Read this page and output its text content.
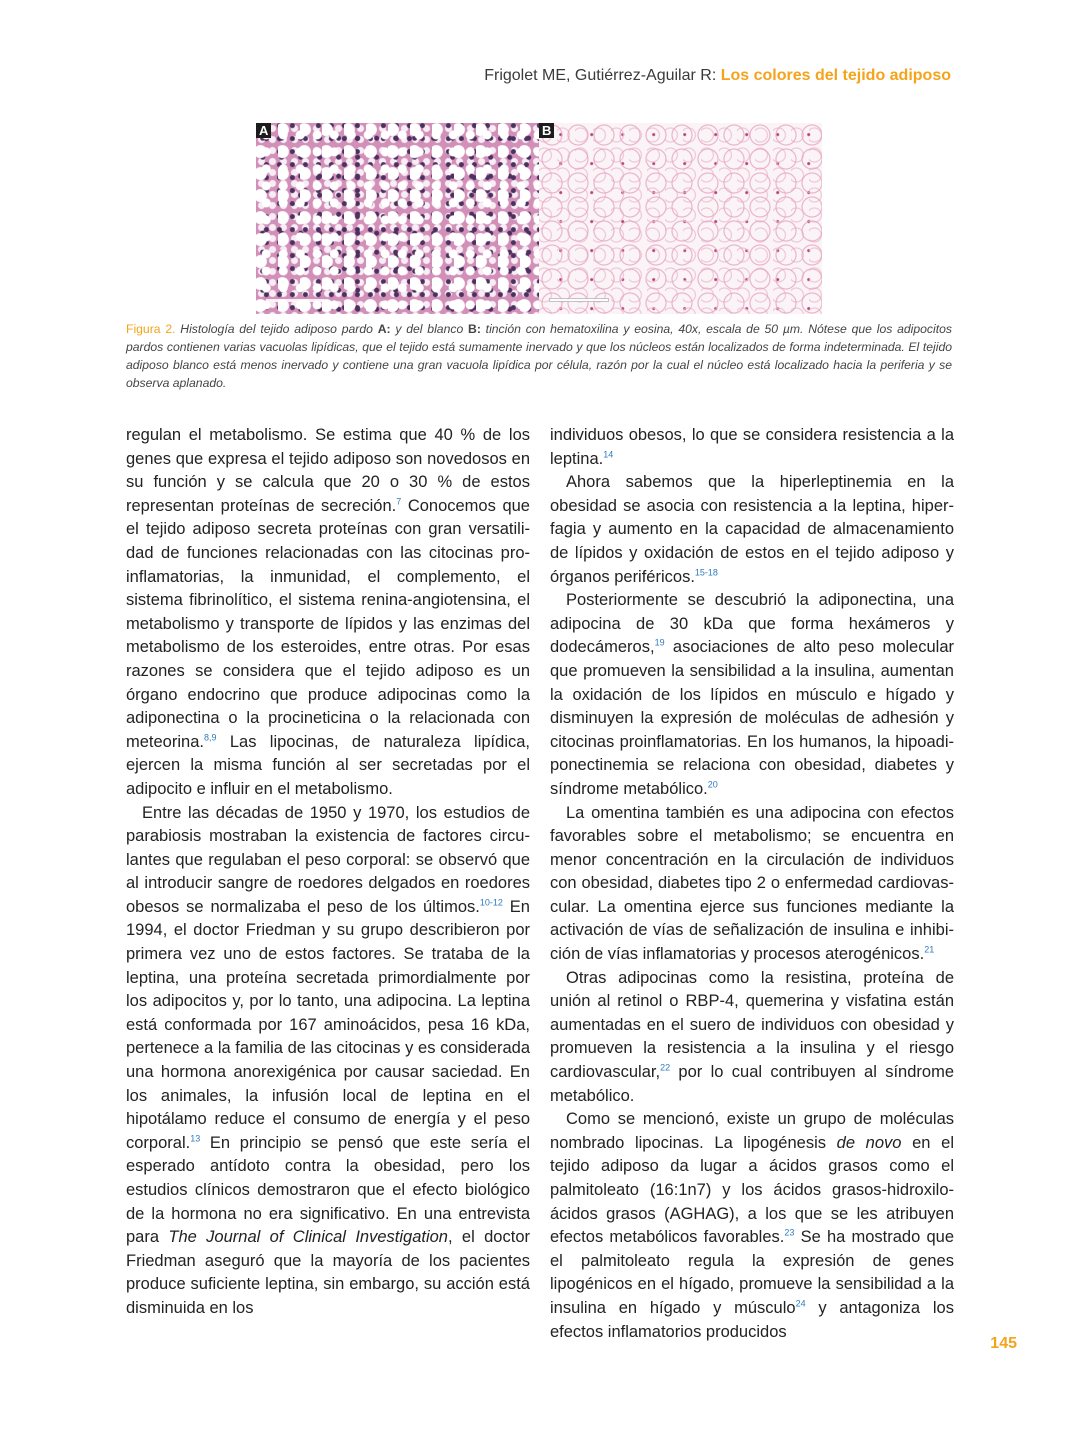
Frigolet ME, Gutiérrez-Aguilar R: Los colores del tejido adiposo
A	B
Figura 2. Histología del tejido adiposo pardo A: y del blanco B: tinción con hematoxilina y eosina, 40x, escala de 50 µm. Nótese que los adipocitos pardos contienen varias vacuolas lipídicas, que el tejido está sumamente inervado y que los núcleos están localizados de forma indeterminada. El tejido adiposo blanco está menos inervado y contiene una gran vacuola lipídica por célula, razón por la cual el núcleo está localizado hacia la periferia y se observa aplanado.

regulan el metabolismo. Se estima que 40 % de los genes que expresa el tejido adiposo son novedosos en su función y se calcula que 20 o 30 % de estos representan proteínas de secreción.$^7$ Conocemos que el tejido adiposo secreta proteínas con gran versatilidad de funciones relacionadas con las citocinas proinflamatorias, la inmunidad, el complemento, el sistema fibrinolítico, el sistema renina-angiotensina, el metabolismo y transporte de lípidos y las enzimas del metabolismo de los esteroides, entre otras. Por esas razones se considera que el tejido adiposo es un órgano endocrino que produce adipocinas como la adiponectina o la procineticina o la relacionada con meteorina.$^{8,9}$ Las lipocinas, de naturaleza lipídica, ejercen la misma función al ser secretadas por el adipocito e influir en el metabolismo.

Entre las décadas de 1950 y 1970, los estudios de parabiosis mostraban la existencia de factores circulantes que regulaban el peso corporal: se observó que al introducir sangre de roedores delgados en roedores obesos se normalizaba el peso de los últimos.$^{10-12}$ En 1994, el doctor Friedman y su grupo describieron por primera vez uno de estos factores. Se trataba de la leptina, una proteína secretada primordialmente por los adipocitos y, por lo tanto, una adipocina. La leptina está conformada por 167 aminoácidos, pesa 16 kDa, pertenece a la familia de las citocinas y es considerada una hormona anorexigénica por causar saciedad. En los animales, la infusión local de leptina en el hipotálamo reduce el consumo de energía y el peso corporal.$^{13}$ En principio se pensó que este sería el esperado antídoto contra la obesidad, pero los estudios clínicos demostraron que el efecto biológico de la hormona no era significativo. En una entrevista para The Journal of Clinical Investigation, el doctor Friedman aseguró que la mayoría de los pacientes produce suficiente leptina, sin embargo, su acción está disminuida en los

individuos obesos, lo que se considera resistencia a la leptina.$^{14}$

Ahora sabemos que la hiperleptinemia en la obesidad se asocia con resistencia a la leptina, hiperfagia y aumento en la capacidad de almacenamiento de lípidos y oxidación de estos en el tejido adiposo y órganos periféricos.$^{15-18}$

Posteriormente se descubrió la adiponectina, una adipocina de 30 kDa que forma hexámeros y dodecámeros,$^{19}$ asociaciones de alto peso molecular que promueven la sensibilidad a la insulina, aumentan la oxidación de los lípidos en músculo e hígado y disminuyen la expresión de moléculas de adhesión y citocinas proinflamatorias. En los humanos, la hipoadiponectinemia se relaciona con obesidad, diabetes y síndrome metabólico.$^{20}$

La omentina también es una adipocina con efectos favorables sobre el metabolismo; se encuentra en menor concentración en la circulación de individuos con obesidad, diabetes tipo 2 o enfermedad cardiovascular. La omentina ejerce sus funciones mediante la activación de vías de señalización de insulina e inhibición de vías inflamatorias y procesos aterogénicos.$^{21}$

Otras adipocinas como la resistina, proteína de unión al retinol o RBP-4, quemerina y visfatina están aumentadas en el suero de individuos con obesidad y promueven la resistencia a la insulina y el riesgo cardiovascular,$^{22}$ por lo cual contribuyen al síndrome metabólico.

Como se mencionó, existe un grupo de moléculas nombrado lipocinas. La lipogénesis de novo en el tejido adiposo da lugar a ácidos grasos como el palmitoleato (16:1n7) y los ácidos grasos-hidroxilo-ácidos grasos (AGHAG), a los que se les atribuyen efectos metabólicos favorables.$^{23}$ Se ha mostrado que el palmitoleato regula la expresión de genes lipogénicos en el hígado, promueve la sensibilidad a la insulina en hígado y músculo$^{24}$ y antagoniza los efectos inflamatorios producidos

145
